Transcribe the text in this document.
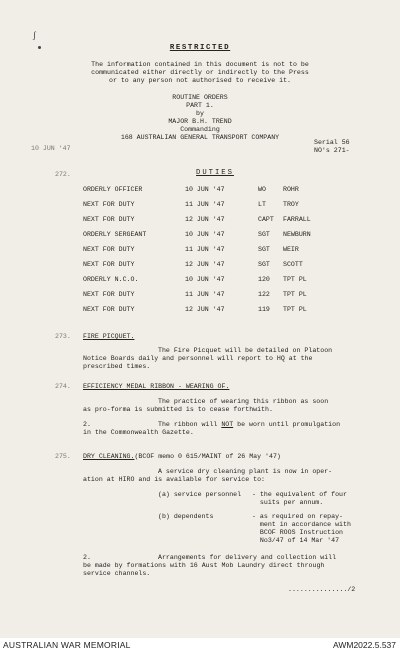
ʃ
RESTRICTED
The information contained in this document is not to be
communicated either directly or indirectly to the Press
or to any person not authorised to receive it.
ROUTINE ORDERS
PART 1.
by
MAJOR B.H. TREND
Commanding
168 AUSTRALIAN GENERAL TRANSPORT COMPANY
10 JUN '47
Serial 56
NO's 271-
272.	DUTIES
ORDERLY OFFICER	10 JUN '47	WO	ROHR
NEXT FOR DUTY	11 JUN '47	LT	TROY
NEXT FOR DUTY	12 JUN '47	CAPT FARRALL
ORDERLY SERGEANT	10 JUN '47	SGT NEWBURN
NEXT FOR DUTY	11 JUN '47	SGT WEIR
NEXT FOR DUTY	12 JUN '47	SGT SCOTT
ORDERLY N.C.O.	10 JUN '47	120 TPT PL
NEXT FOR DUTY	11 JUN '47	122 TPT PL
NEXT FOR DUTY	12 JUN '47	119 TPT PL
273. FIRE PICQUET.
The Fire Picquet will be detailed on Platoon
Notice Boards daily and personnel will report to HQ at the
prescribed times.
274. EFFICIENCY MEDAL RIBBON - WEARING OF.
The practice of wearing this ribbon as soon
as pro-forma is submitted is to cease forthwith.
2.	The ribbon will NOT be worn until promulgation
in the Commonwealth Gazette.
275. DRY CLEANING.(BCOF memo 0 615/MAINT of 26 May '47)
A service dry cleaning plant is now in oper-
ation at HIRO and is available for service to:
(a) service personnel - the equivalent of four
suits per annum.
(b) dependents	- as required on repay-
ment in accordance with
BCOF ROOS Instruction
No3/47 of 14 Mar '47
2.	Arrangements for delivery and collection will
be made by formations with 16 Aust Mob Laundry direct through
service channels.
.............../2
AUSTRALIAN WAR MEMORIAL	AWM2022.5.537
